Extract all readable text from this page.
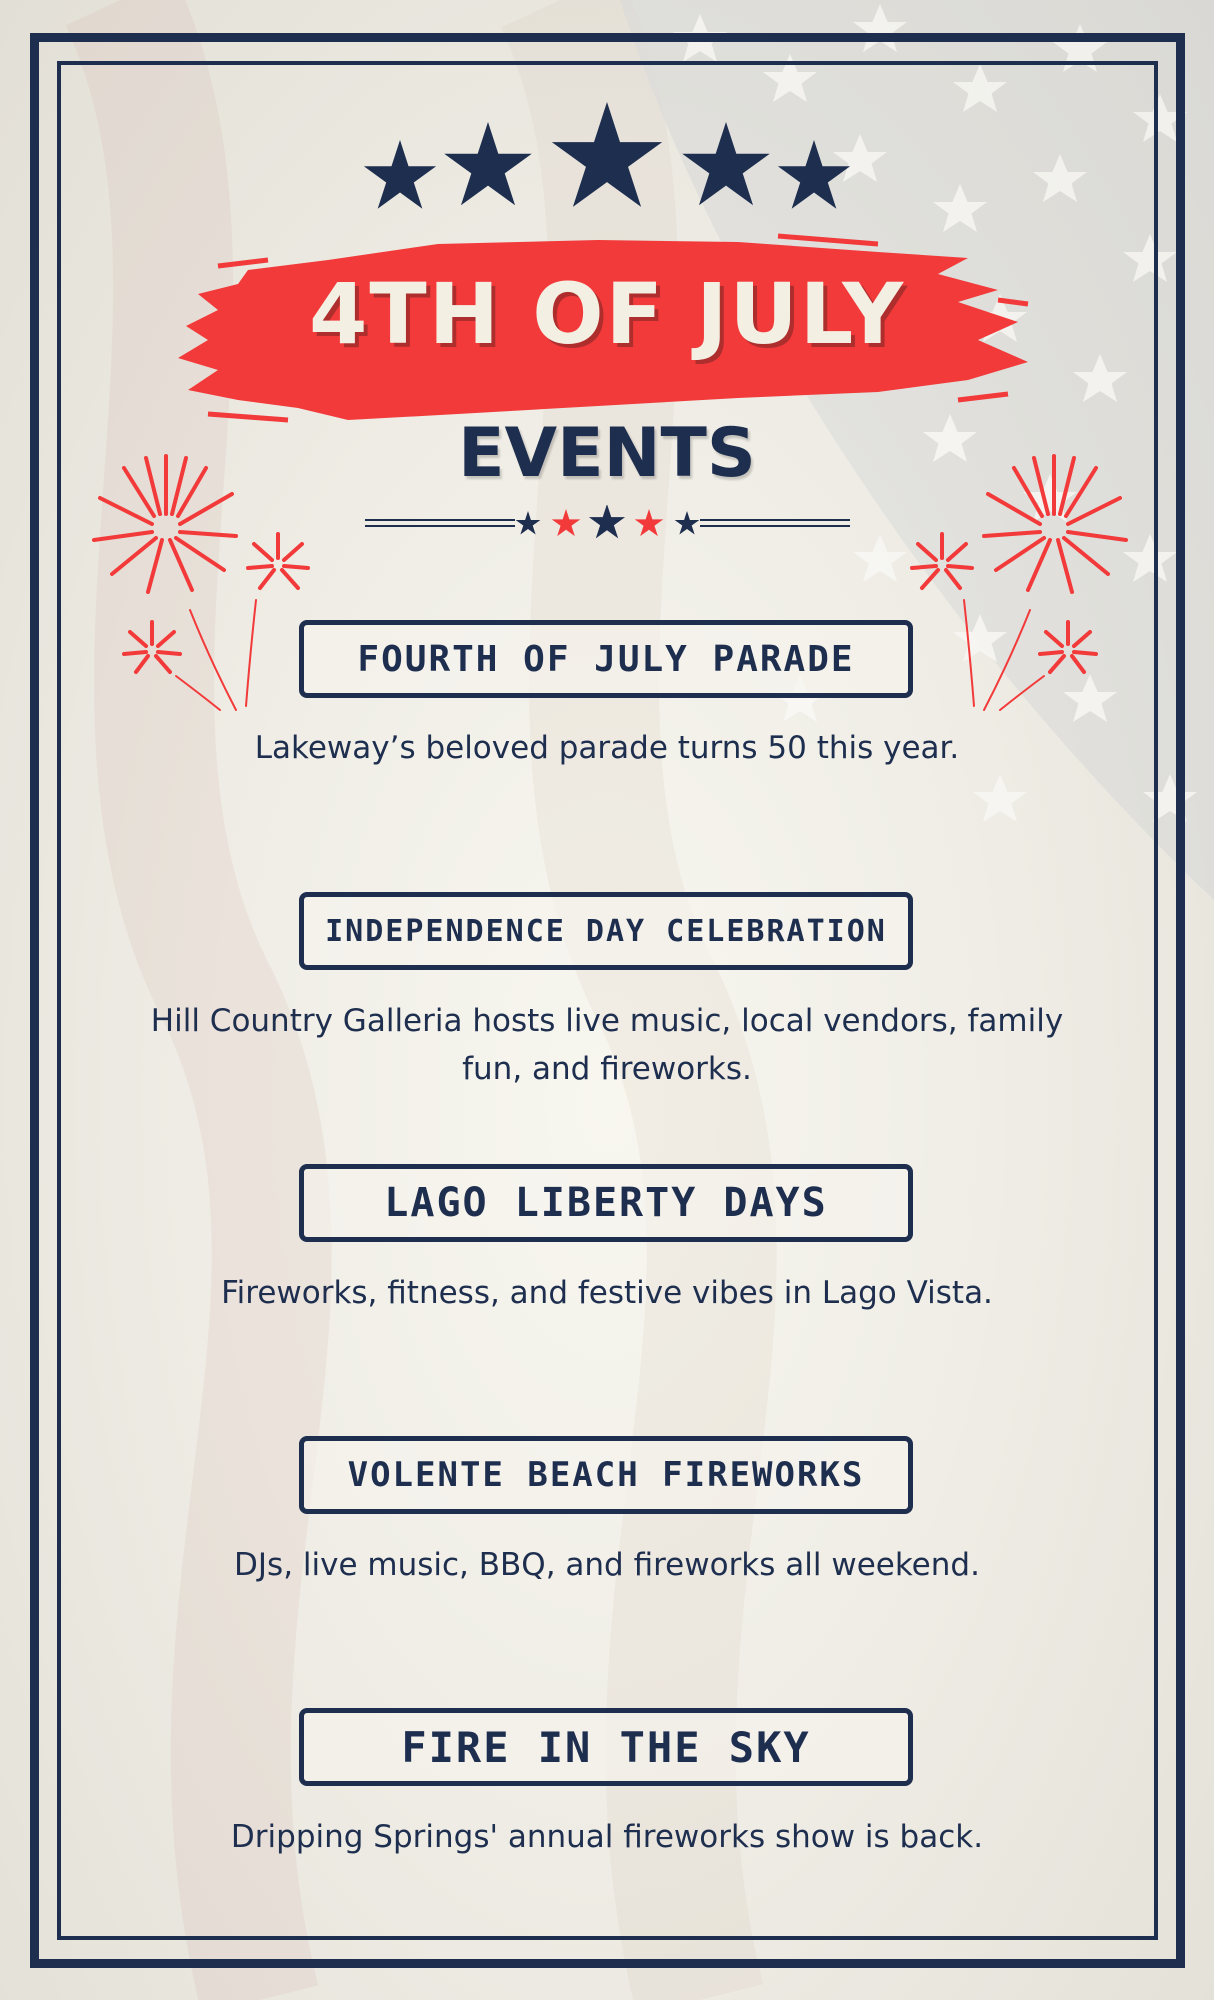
4TH OF JULY
EVENTS
FOURTH OF JULY PARADE
Lakeway’s beloved parade turns 50 this year.
INDEPENDENCE DAY CELEBRATION
Hill Country Galleria hosts live music, local vendors, family fun, and fireworks.
LAGO LIBERTY DAYS
Fireworks, fitness, and festive vibes in Lago Vista.
VOLENTE BEACH FIREWORKS
DJs, live music, BBQ, and fireworks all weekend.
FIRE IN THE SKY
Dripping Springs' annual fireworks show is back.
